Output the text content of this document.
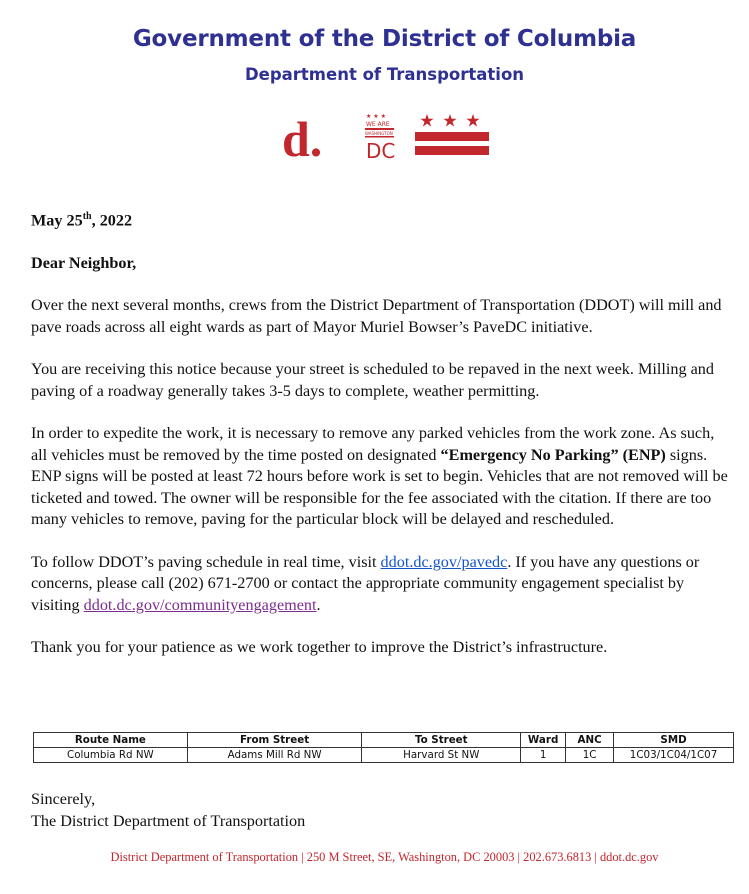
Government of the District of Columbia
Department of Transportation
d.	★ ★ ★
WE ARE
WASHINGTON
DC

May 25th, 2022

Dear Neighbor,

Over the next several months, crews from the District Department of Transportation (DDOT) will mill and pave roads across all eight wards as part of Mayor Muriel Bowser’s PaveDC initiative.

You are receiving this notice because your street is scheduled to be repaved in the next week. Milling and paving of a roadway generally takes 3-5 days to complete, weather permitting.

In order to expedite the work, it is necessary to remove any parked vehicles from the work zone. As such, all vehicles must be removed by the time posted on designated “Emergency No Parking” (ENP) signs. ENP signs will be posted at least 72 hours before work is set to begin. Vehicles that are not removed will be ticketed and towed. The owner will be responsible for the fee associated with the citation. If there are too many vehicles to remove, paving for the particular block will be delayed and rescheduled.

To follow DDOT’s paving schedule in real time, visit ddot.dc.gov/pavedc. If you have any questions or concerns, please call (202) 671-2700 or contact the appropriate community engagement specialist by visiting ddot.dc.gov/communityengagement.

Thank you for your patience as we work together to improve the District’s infrastructure.

Route Name	From Street	To Street	Ward	ANC	SMD
Columbia Rd NW	Adams Mill Rd NW	Harvard St NW	1	1C	1C03/1C04/1C07
Sincerely,
The District Department of Transportation
District Department of Transportation | 250 M Street, SE, Washington, DC 20003 | 202.673.6813 | ddot.dc.gov
